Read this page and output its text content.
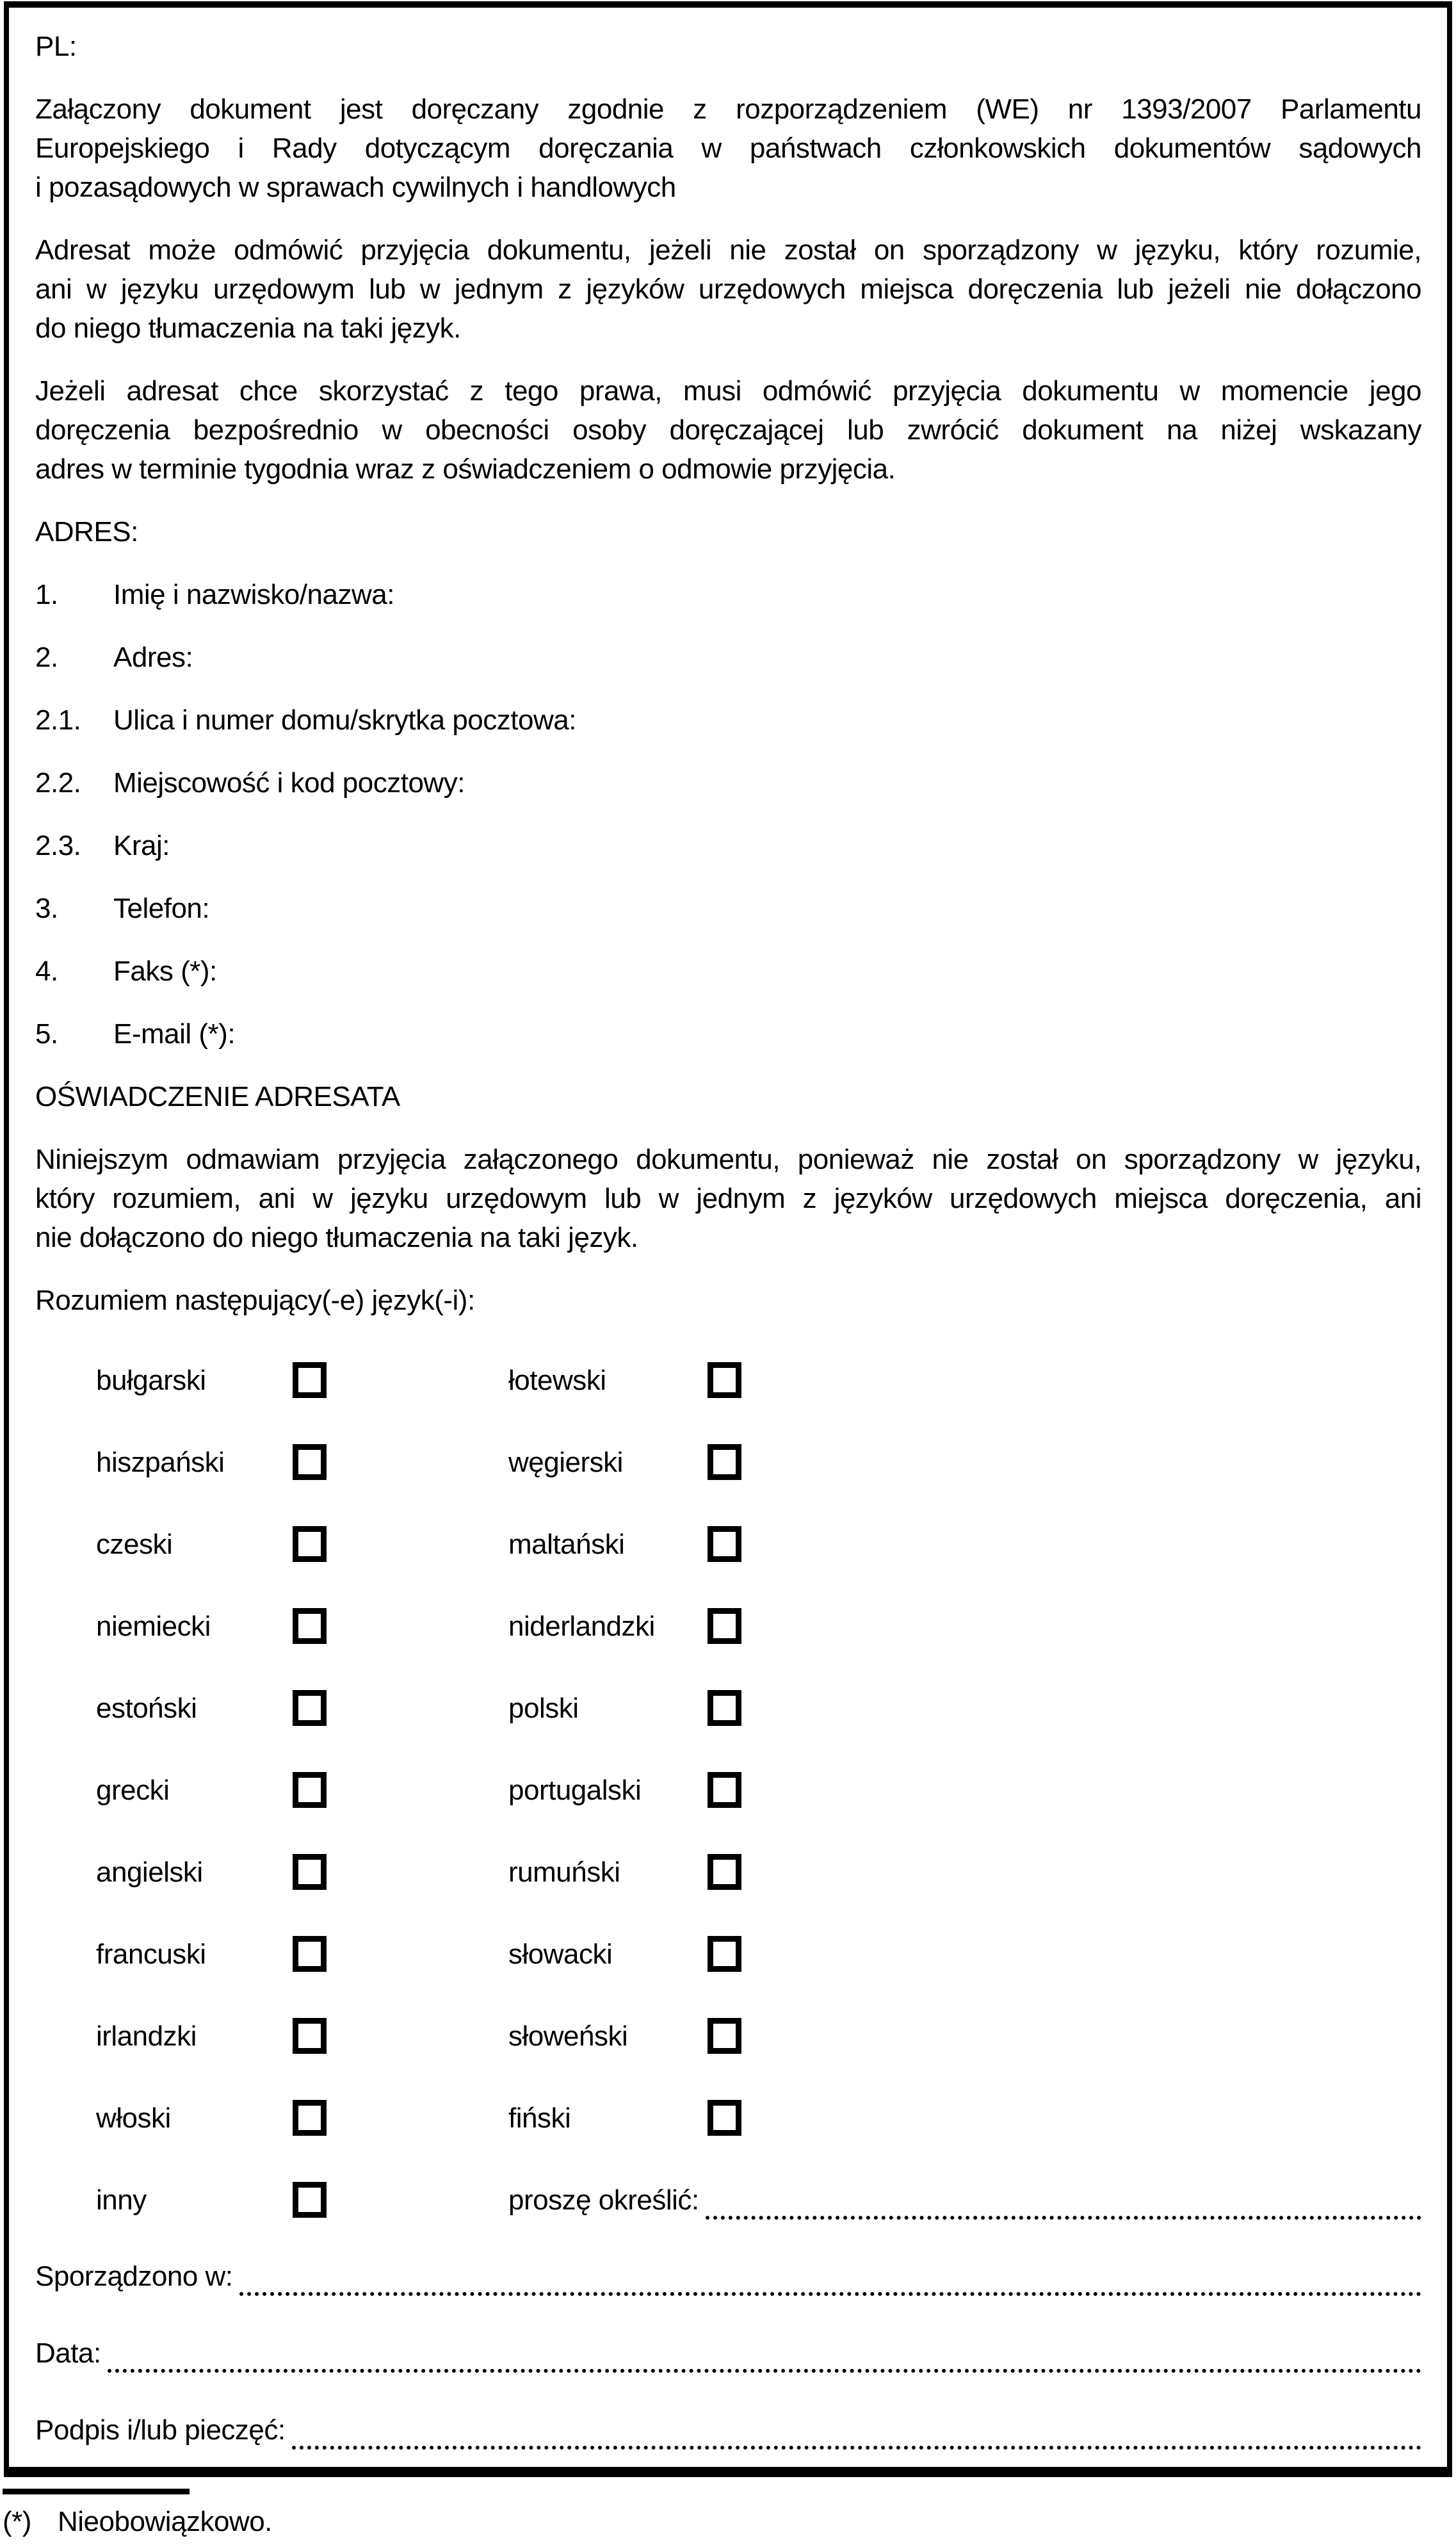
PL:
Załączony dokument jest doręczany zgodnie z rozporządzeniem (WE) nr 1393/2007 Parlamentu
Europejskiego i Rady dotyczącym doręczania w państwach członkowskich dokumentów sądowych
i pozasądowych w sprawach cywilnych i handlowych
Adresat może odmówić przyjęcia dokumentu, jeżeli nie został on sporządzony w języku, który rozumie,
ani w języku urzędowym lub w jednym z języków urzędowych miejsca doręczenia lub jeżeli nie dołączono
do niego tłumaczenia na taki język.
Jeżeli adresat chce skorzystać z tego prawa, musi odmówić przyjęcia dokumentu w momencie jego
doręczenia bezpośrednio w obecności osoby doręczającej lub zwrócić dokument na niżej wskazany
adres w terminie tygodnia wraz z oświadczeniem o odmowie przyjęcia.
ADRES:
1.	Imię i nazwisko/nazwa:
2.	Adres:
2.1.	Ulica i numer domu/skrytka pocztowa:
2.2.	Miejscowość i kod pocztowy:
2.3.	Kraj:
3.	Telefon:
4.	Faks (*):
5.	E-mail (*):
OŚWIADCZENIE ADRESATA
Niniejszym odmawiam przyjęcia załączonego dokumentu, ponieważ nie został on sporządzony w języku,
który rozumiem, ani w języku urzędowym lub w jednym z języków urzędowych miejsca doręczenia, ani
nie dołączono do niego tłumaczenia na taki język.
Rozumiem następujący(-e) język(-i):
bułgarski	łotewski
hiszpański	węgierski
czeski	maltański
niemiecki	niderlandzki
estoński	polski
grecki	portugalski
angielski	rumuński
francuski	słowacki
irlandzki	słoweński
włoski	fiński
inny	proszę określić:
Sporządzono w:
Data:
Podpis i/lub pieczęć:
(*) Nieobowiązkowo.
